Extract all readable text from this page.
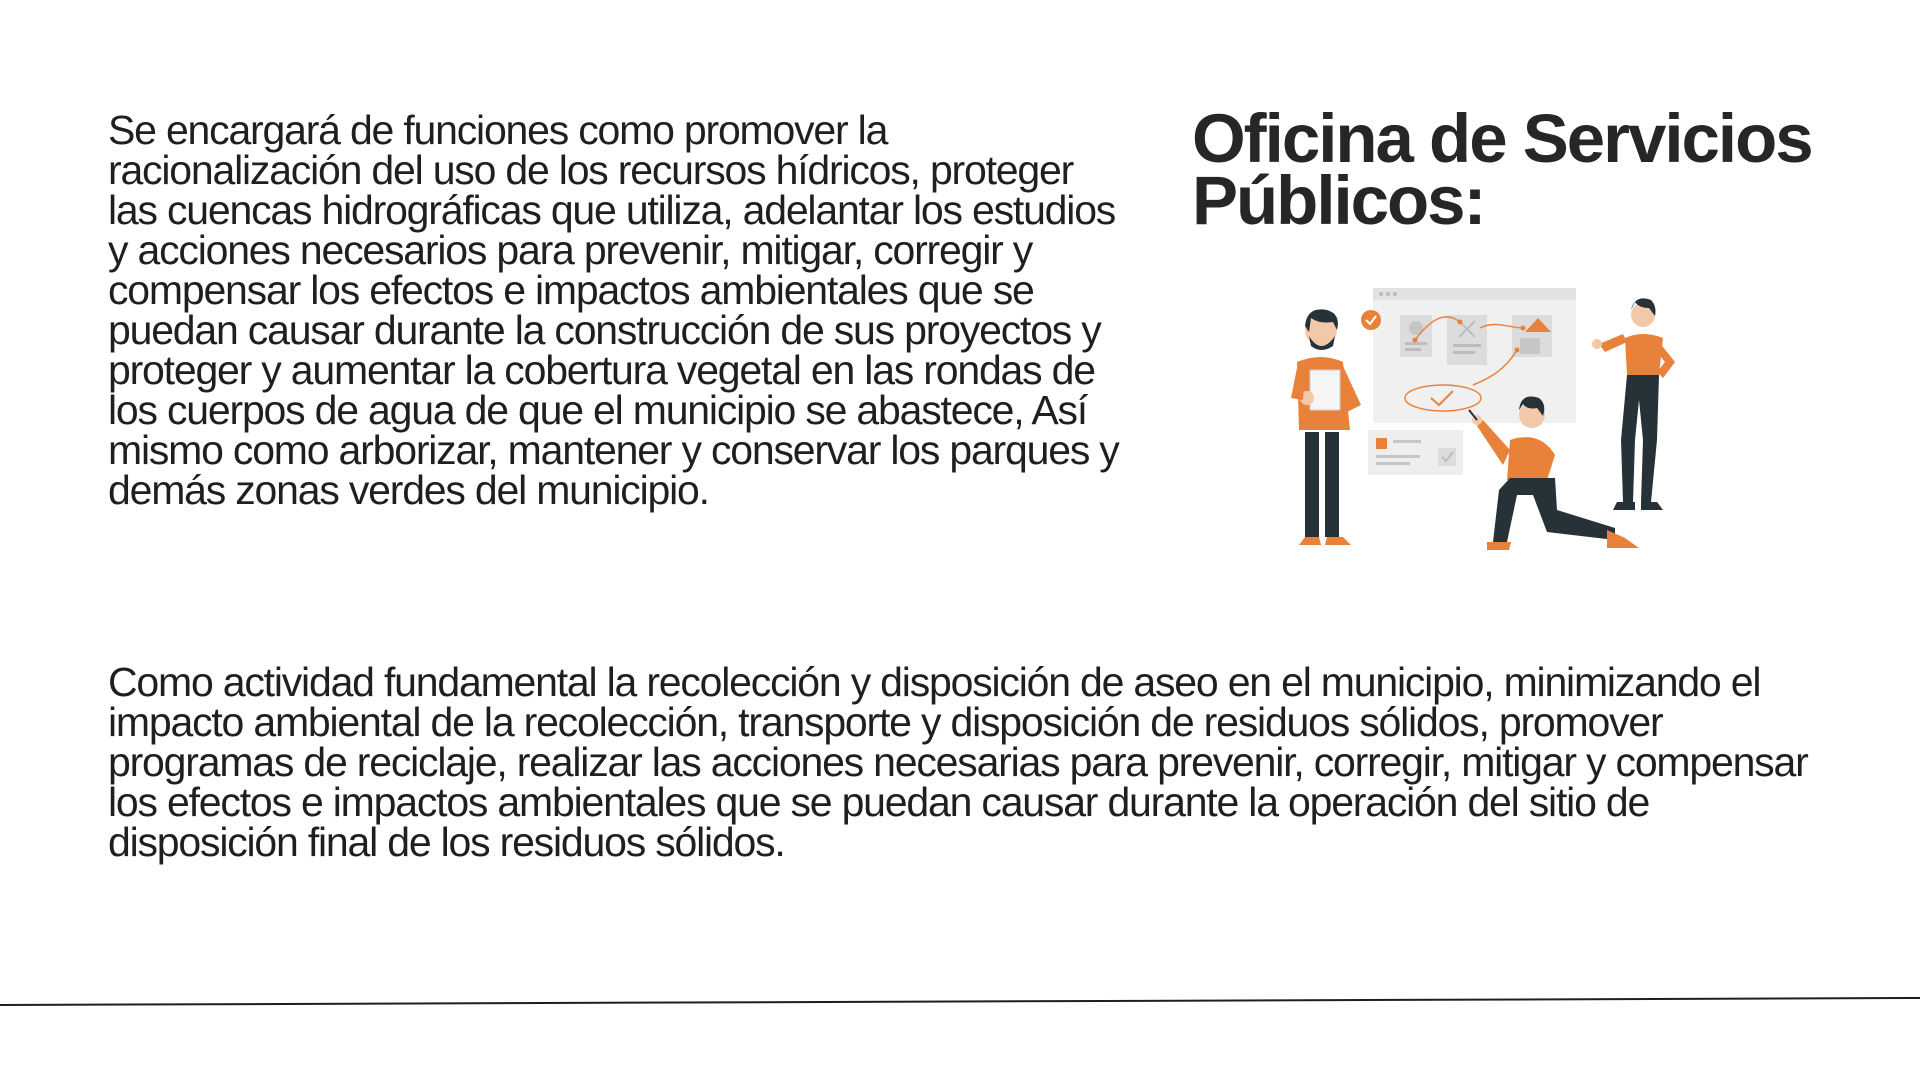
Se encargará de funciones como promover la racionalización del uso de los recursos hídricos, proteger las cuencas hidrográficas que utiliza, adelantar los estudios y acciones necesarios para prevenir, mitigar, corregir y compensar los efectos e impactos ambientales que se puedan causar durante la construcción de sus proyectos y proteger y aumentar la cobertura vegetal en las rondas de los cuerpos de agua de que el municipio se abastece, Así mismo como arborizar, mantener y conservar los parques y demás zonas verdes del municipio.

Oficina de Servicios Públicos:

Como actividad fundamental la recolección y disposición de aseo en el municipio, minimizando el impacto ambiental de la recolección, transporte y disposición de residuos sólidos, promover programas de reciclaje, realizar las acciones necesarias para prevenir, corregir, mitigar y compensar los efectos e impactos ambientales que se puedan causar durante la operación del sitio de disposición final de los residuos sólidos.
